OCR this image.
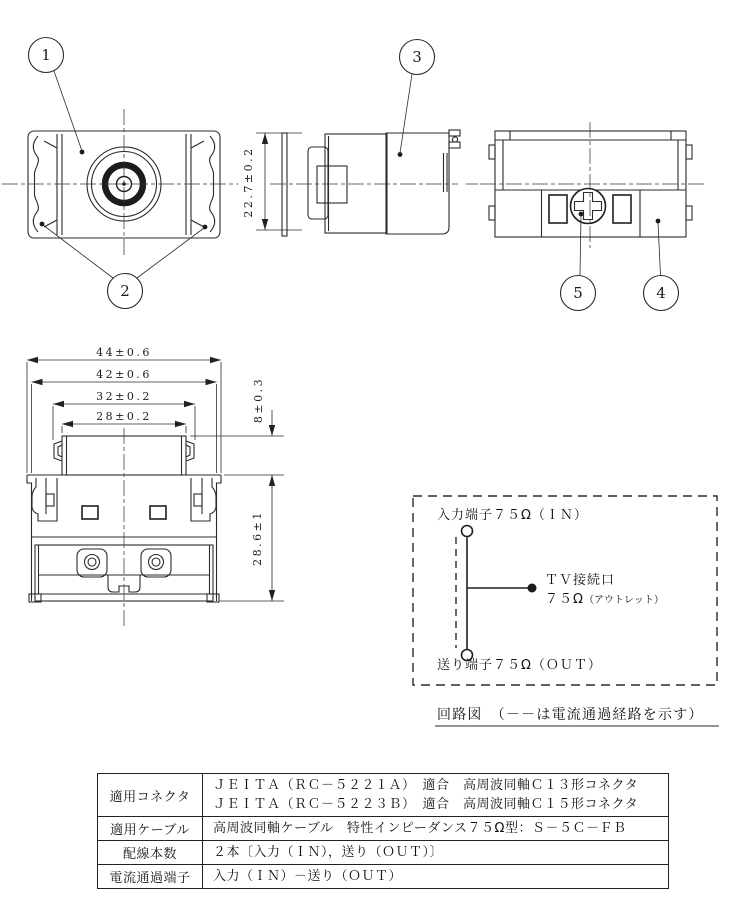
1
2
22.7±0.2
3
5	4
44±0.6
42±0.6
32±0.2
28±0.2	8±0.3
28.6±1	入力端子７５Ω（ＩＮ）
ＴＶ接続口
７５Ω（アウトレット）
送り端子７５Ω（ＯＵＴ）
回路図　（－－は電流通過経路を示す）
適用コネクタ	ＪＥＩＴＡ（ＲＣ－５２２１Ａ）　適合　高周波同軸Ｃ１３形コネクタ
ＪＥＩＴＡ（ＲＣ－５２２３Ｂ）　適合　高周波同軸Ｃ１５形コネクタ

適用ケーブル	高周波同軸ケーブル　特性インピーダンス７５Ω型：Ｓ－５Ｃ－ＦＢ

配線本数	２本〔入力（ＩＮ），送り（ＯＵＴ）〕

電流通過端子	入力（ＩＮ）－送り（ＯＵＴ）
